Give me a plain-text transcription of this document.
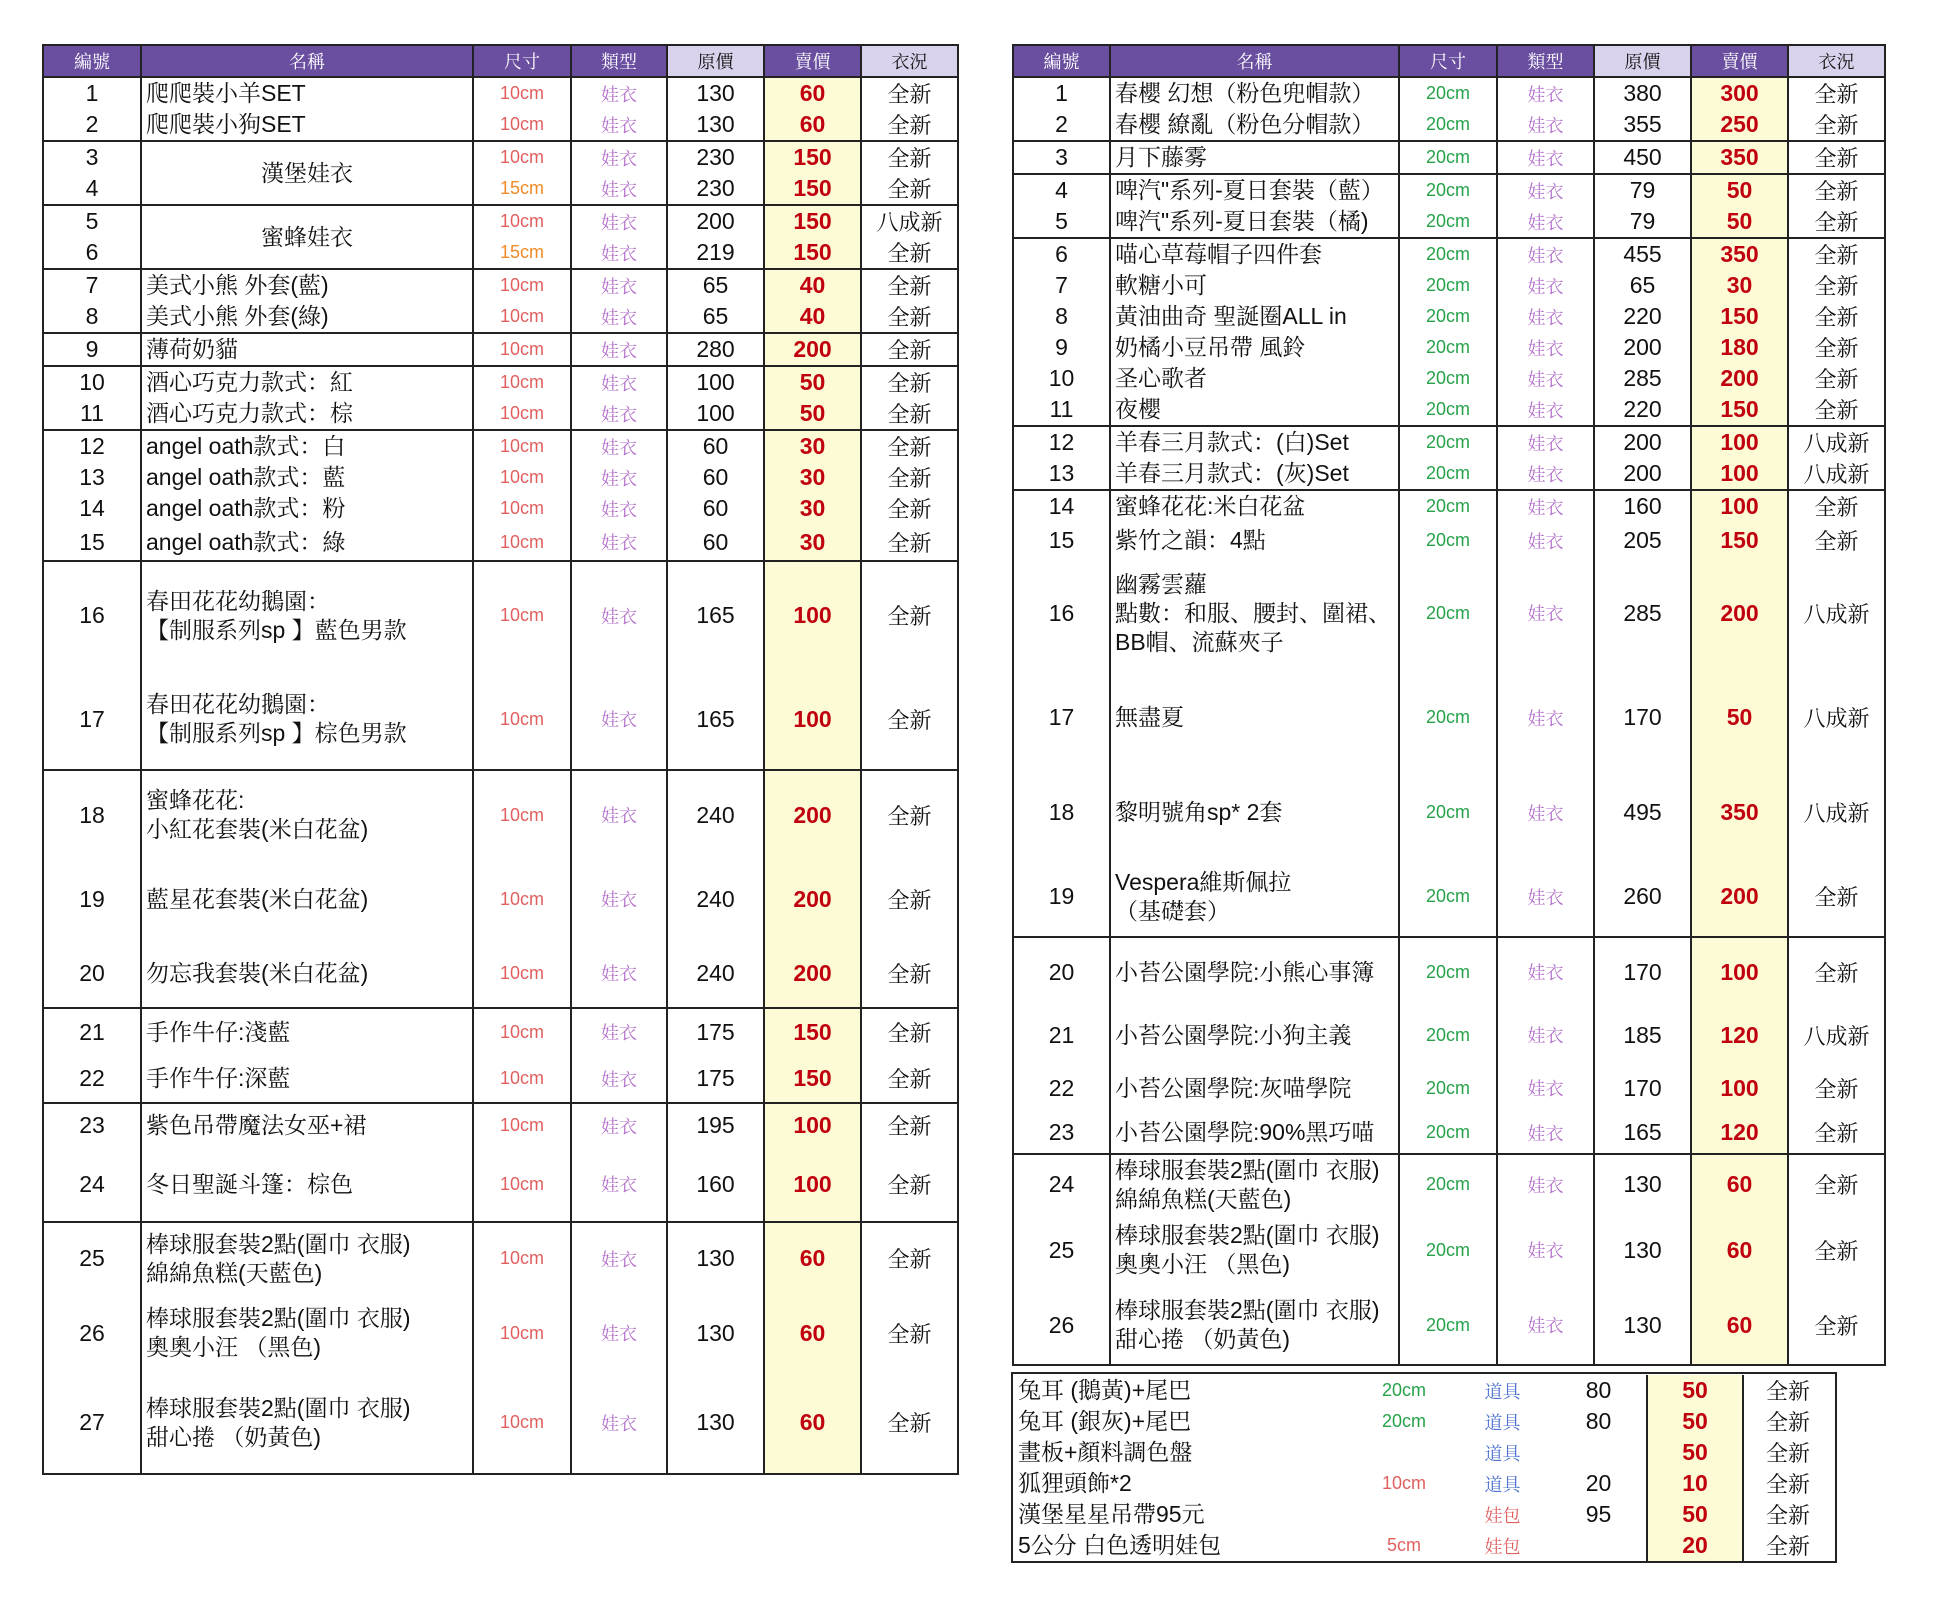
編號	名稱	尺寸	類型	原價	賣價	衣況
1	爬爬裝小羊SET	10cm	娃衣	130	60	全新
2	爬爬裝小狗SET	10cm	娃衣	130	60	全新
3	漢堡娃衣	10cm	娃衣	230	150	全新
4		15cm	娃衣	230	150	全新
5	蜜蜂娃衣	10cm	娃衣	200	150	八成新
6		15cm	娃衣	219	150	全新
7	美式小熊 外套(藍)	10cm	娃衣	65	40	全新
8	美式小熊 外套(綠)	10cm	娃衣	65	40	全新
9	薄荷奶貓	10cm	娃衣	280	200	全新
10	酒心巧克力款式：紅	10cm	娃衣	100	50	全新
11	酒心巧克力款式：棕	10cm	娃衣	100	50	全新
12	angel oath款式：白	10cm	娃衣	60	30	全新
13	angel oath款式：藍	10cm	娃衣	60	30	全新
14	angel oath款式：粉	10cm	娃衣	60	30	全新
15	angel oath款式：綠	10cm	娃衣	60	30	全新
16	春田花花幼鵝園：
【制服系列sp 】藍色男款	10cm	娃衣	165	100	全新
17	春田花花幼鵝園：
【制服系列sp 】棕色男款	10cm	娃衣	165	100	全新
18	蜜蜂花花:
小紅花套裝(米白花盆)	10cm	娃衣	240	200	全新
19	藍星花套裝(米白花盆)	10cm	娃衣	240	200	全新
20	勿忘我套裝(米白花盆)	10cm	娃衣	240	200	全新
21	手作牛仔:淺藍	10cm	娃衣	175	150	全新
22	手作牛仔:深藍	10cm	娃衣	175	150	全新
23	紫色吊帶魔法女巫+裙	10cm	娃衣	195	100	全新
24	冬日聖誕斗篷：棕色	10cm	娃衣	160	100	全新
25	棒球服套裝2點(圍巾 衣服)
綿綿魚糕(天藍色)	10cm	娃衣	130	60	全新
26	棒球服套裝2點(圍巾 衣服)
奧奧小汪 （黑色)	10cm	娃衣	130	60	全新
27	棒球服套裝2點(圍巾 衣服)
甜心捲 （奶黃色)	10cm	娃衣	130	60	全新
編號	名稱	尺寸	類型	原價	賣價	衣況
1	春櫻 幻想（粉色兜帽款）	20cm	娃衣	380	300	全新
2	春櫻 繚亂（粉色分帽款）	20cm	娃衣	355	250	全新
3	月下藤雾	20cm	娃衣	450	350	全新
4	啤汽"系列-夏日套裝（藍）	20cm	娃衣	79	50	全新
5	啤汽"系列-夏日套裝（橘)	20cm	娃衣	79	50	全新
6	喵心草莓帽子四件套	20cm	娃衣	455	350	全新
7	軟糖小可	20cm	娃衣	65	30	全新
8	黃油曲奇 聖誕圈ALL in	20cm	娃衣	220	150	全新
9	奶橘小豆吊帶 風鈴	20cm	娃衣	200	180	全新
10	圣心歌者	20cm	娃衣	285	200	全新
11	夜櫻	20cm	娃衣	220	150	全新
12	羊春三月款式：(白)Set	20cm	娃衣	200	100	八成新
13	羊春三月款式：(灰)Set	20cm	娃衣	200	100	八成新
14	蜜蜂花花:米白花盆	20cm	娃衣	160	100	全新
15	紫竹之韻：4點	20cm	娃衣	205	150	全新
16	幽霧雲蘿
點數：和服、腰封、圍裙、
BB帽、流蘇夾子	20cm	娃衣	285	200	八成新
17	無盡夏	20cm	娃衣	170	50	八成新
18	黎明號角sp* 2套	20cm	娃衣	495	350	八成新
19	Vespera維斯佩拉
（基礎套）	20cm	娃衣	260	200	全新
20	小苔公園學院:小熊心事簿	20cm	娃衣	170	100	全新
21	小苔公園學院:小狗主義	20cm	娃衣	185	120	八成新
22	小苔公園學院:灰喵學院	20cm	娃衣	170	100	全新
23	小苔公園學院:90%黑巧喵	20cm	娃衣	165	120	全新
24	棒球服套裝2點(圍巾 衣服)
綿綿魚糕(天藍色)	20cm	娃衣	130	60	全新
25	棒球服套裝2點(圍巾 衣服)
奧奧小汪 （黑色)	20cm	娃衣	130	60	全新
26	棒球服套裝2點(圍巾 衣服)
甜心捲 （奶黃色)	20cm	娃衣	130	60	全新
兔耳 (鵝黃)+尾巴	20cm	道具	80	50	全新
兔耳 (銀灰)+尾巴	20cm	道具	80	50	全新
畫板+顏料調色盤		道具		50	全新
狐狸頭飾*2	10cm	道具	20	10	全新
漢堡星星吊帶95元		娃包	95	50	全新
5公分 白色透明娃包	5cm	娃包		20	全新
